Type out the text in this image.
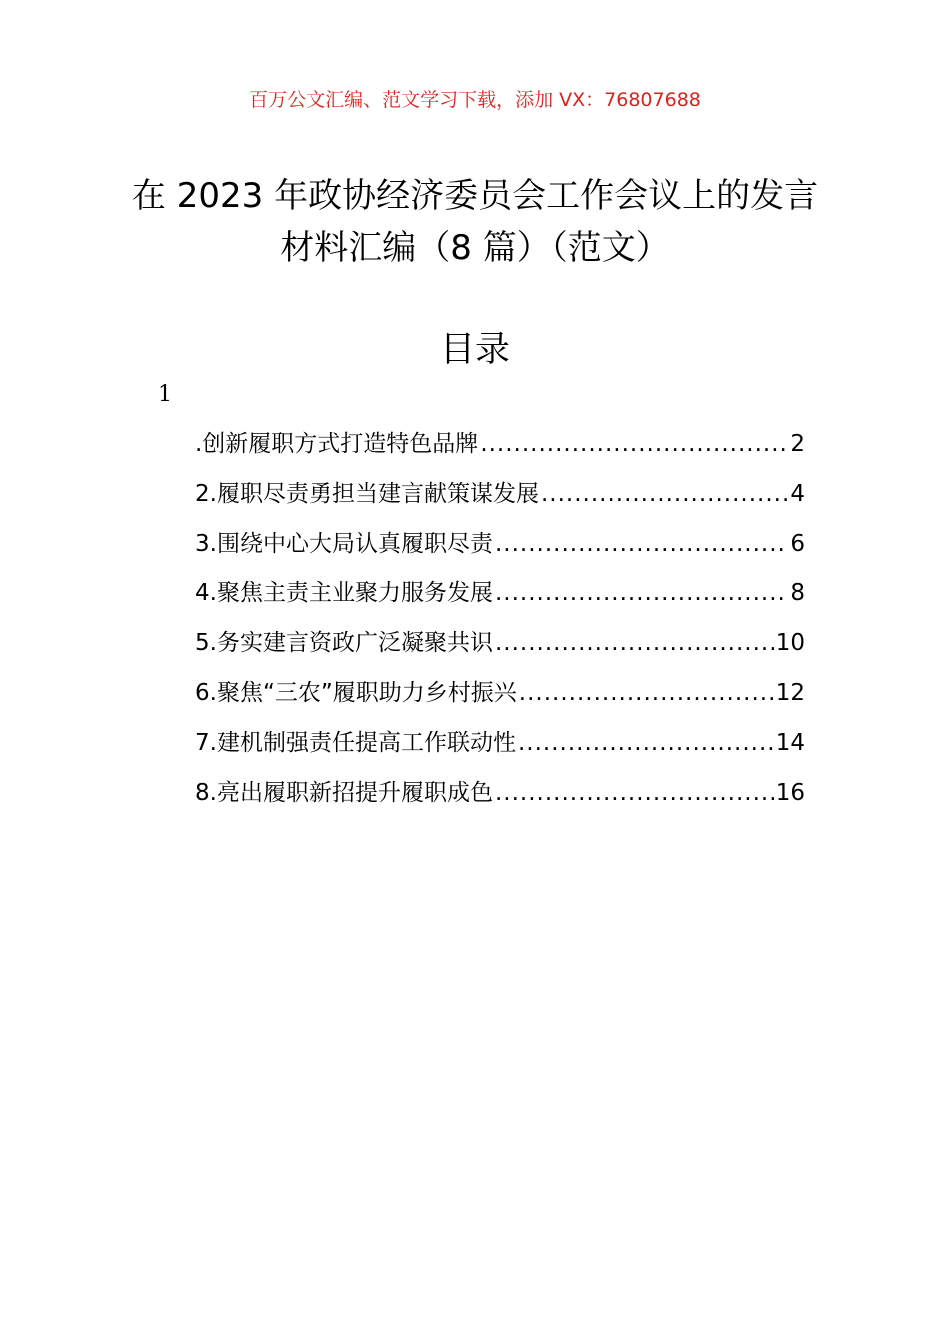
百万公文汇编、范文学习下载，添加 VX：76807688
在 2023 年政协经济委员会工作会议上的发言材料汇编（8 篇）（范文）
目录
1
.创新履职方式打造特色品牌 .....	2
2.履职尽责勇担当建言献策谋发展 .....	4
3.围绕中心大局认真履职尽责 .....	6
4.聚焦主责主业聚力服务发展 .....	8
5.务实建言资政广泛凝聚共识 .....	10
6.聚焦“三农”履职助力乡村振兴 .....	12
7.建机制强责任提高工作联动性 .....	14
8.亮出履职新招提升履职成色 .....	16
